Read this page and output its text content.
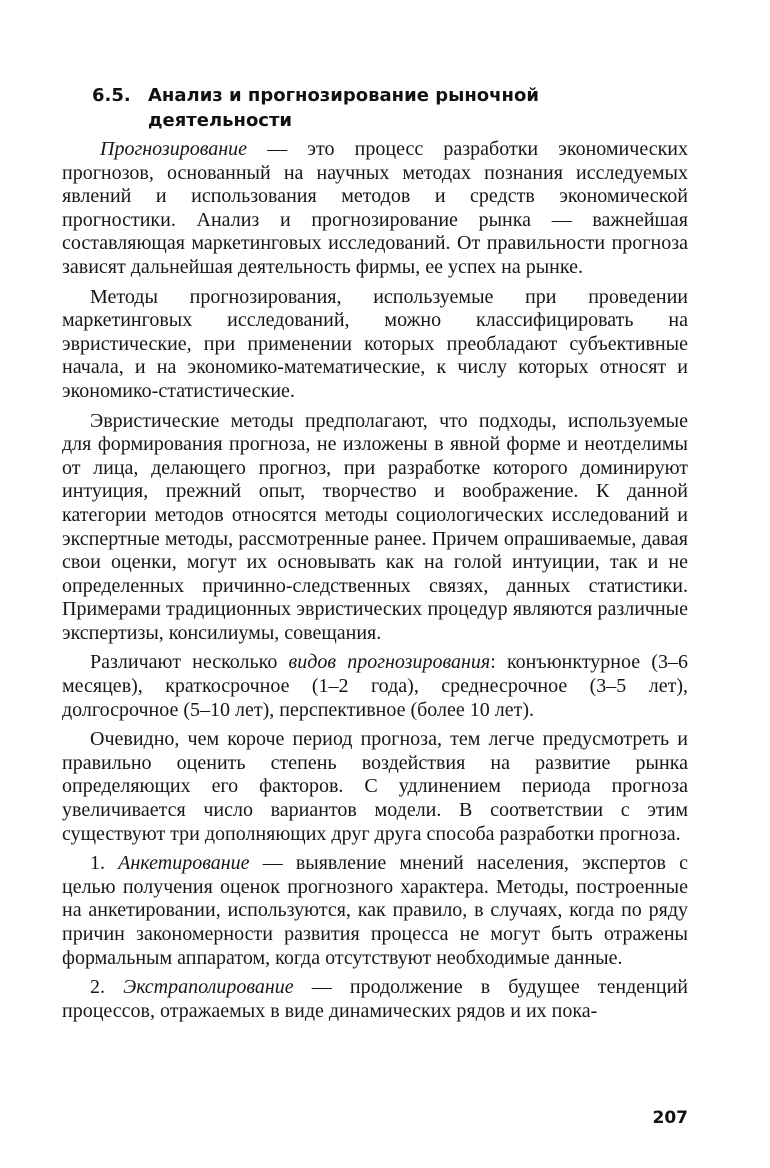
6.5. Анализ и прогнозирование рыночной деятельности

Прогнозирование — это процесс разработки экономических прогнозов, основанный на научных методах познания исследуемых явлений и использования методов и средств экономической прогностики. Анализ и прогнозирование рынка — важнейшая составляющая маркетинговых исследований. От правильности прогноза зависят дальнейшая деятельность фирмы, ее успех на рынке.

Методы прогнозирования, используемые при проведении маркетинговых исследований, можно классифицировать на эвристические, при применении которых преобладают субъективные начала, и на экономико-математические, к числу которых относят и экономико-статистические.

Эвристические методы предполагают, что подходы, используемые для формирования прогноза, не изложены в явной форме и неотделимы от лица, делающего прогноз, при разработке которого доминируют интуиция, прежний опыт, творчество и воображение. К данной категории методов относятся методы социологических исследований и экспертные методы, рассмотренные ранее. Причем опрашиваемые, давая свои оценки, могут их основывать как на голой интуиции, так и не определенных причинно-следственных связях, данных статистики. Примерами традиционных эвристических процедур являются различные экспертизы, консилиумы, совещания.

Различают несколько видов прогнозирования: конъюнктурное (3–6 месяцев), краткосрочное (1–2 года), среднесрочное (3–5 лет), долгосрочное (5–10 лет), перспективное (более 10 лет).

Очевидно, чем короче период прогноза, тем легче предусмотреть и правильно оценить степень воздействия на развитие рынка определяющих его факторов. С удлинением периода прогноза увеличивается число вариантов модели. В соответствии с этим существуют три дополняющих друг друга способа разработки прогноза.

1. Анкетирование — выявление мнений населения, экспертов с целью получения оценок прогнозного характера. Методы, построенные на анкетировании, используются, как правило, в случаях, когда по ряду причин закономерности развития процесса не могут быть отражены формальным аппаратом, когда отсутствуют необходимые данные.

2. Экстраполирование — продолжение в будущее тенденций процессов, отражаемых в виде динамических рядов и их пока-

207
